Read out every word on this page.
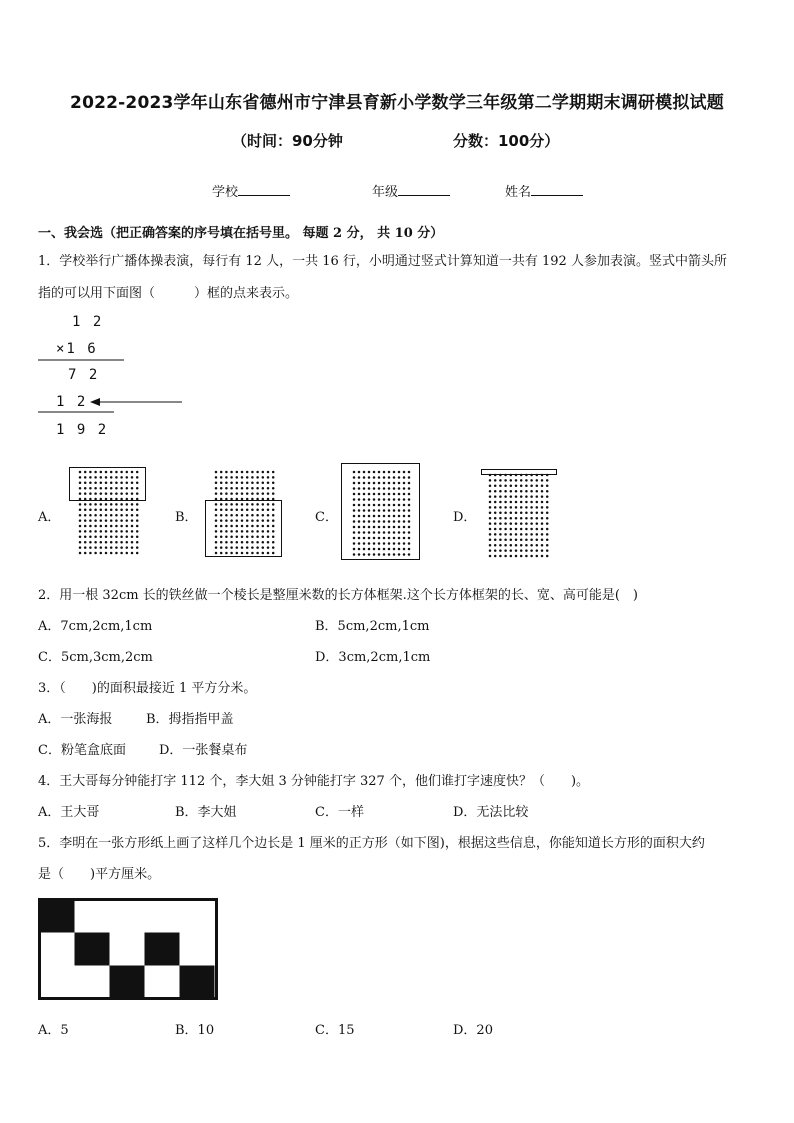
2022-2023学年山东省德州市宁津县育新小学数学三年级第二学期期末调研模拟试题
（时间：90分钟	分数：100分）
学校	年级	姓名
一、我会选（把正确答案的序号填在括号里。 每题 2 分， 共 10 分）
1．学校举行广播体操表演，每行有 12 人，一共 16 行，小明通过竖式计算知道一共有 192 人参加表演。竖式中箭头所
指的可以用下面图（　　　）框的点来表示。
1 2
×1 6
7 2
1 2
1 9 2
A．	B．	C．	D．
2．用一根 32cm 长的铁丝做一个棱长是整厘米数的长方体框架.这个长方体框架的长、宽、高可能是(　)
A．7cm,2cm,1cm	B．5cm,2cm,1cm
C．5cm,3cm,2cm	D．3cm,2cm,1cm
3．（　　)的面积最接近 1 平方分米。
A．一张海报	B．拇指指甲盖
C．粉笔盒底面	D．一张餐桌布
4．王大哥每分钟能打字 112 个，李大姐 3 分钟能打字 327 个，他们谁打字速度快？（　　)。
A．王大哥	B．李大姐	C．一样	D．无法比较
5．李明在一张方形纸上画了这样几个边长是 1 厘米的正方形（如下图)，根据这些信息，你能知道长方形的面积大约
是（　　)平方厘米。
A．5	B．10	C．15	D．20
